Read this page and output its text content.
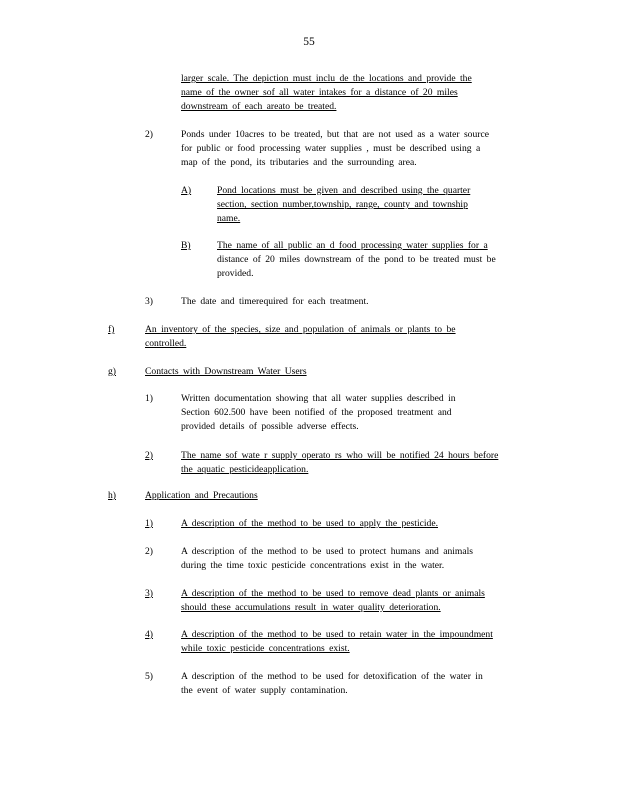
55
larger scale. The depiction must inclu de the locations and provide the
name of the owner sof all water intakes for a distance of 20 miles
downstream of each areato be treated.
2)	Ponds under 10acres to be treated, but that are not used as a water source
for public or food processing water supplies , must be described using a
map of the pond, its tributaries and the surrounding area.
A)	Pond locations must be given and described using the quarter
section, section number,township, range, county and township
name.
B)	The name of all public an d food processing water supplies for a
distance of 20 miles downstream of the pond to be treated must be
provided.
3)	The date and timerequired for each treatment.
f)	An inventory of the species, size and population of animals or plants to be
controlled.
g)	Contacts with Downstream Water Users
1)	Written documentation showing that all water supplies described in
Section 602.500 have been notified of the proposed treatment and
provided details of possible adverse effects.
2)	The name sof wate r supply operato rs who will be notified 24 hours before
the aquatic pesticideapplication.
h)	Application and Precautions
1)	A description of the method to be used to apply the pesticide.
2)	A description of the method to be used to protect humans and animals
during the time toxic pesticide concentrations exist in the water.
3)	A description of the method to be used to remove dead plants or animals
should these accumulations result in water quality deterioration.
4)	A description of the method to be used to retain water in the impoundment
while toxic pesticide concentrations exist.
5)	A description of the method to be used for detoxification of the water in
the event of water supply contamination.
